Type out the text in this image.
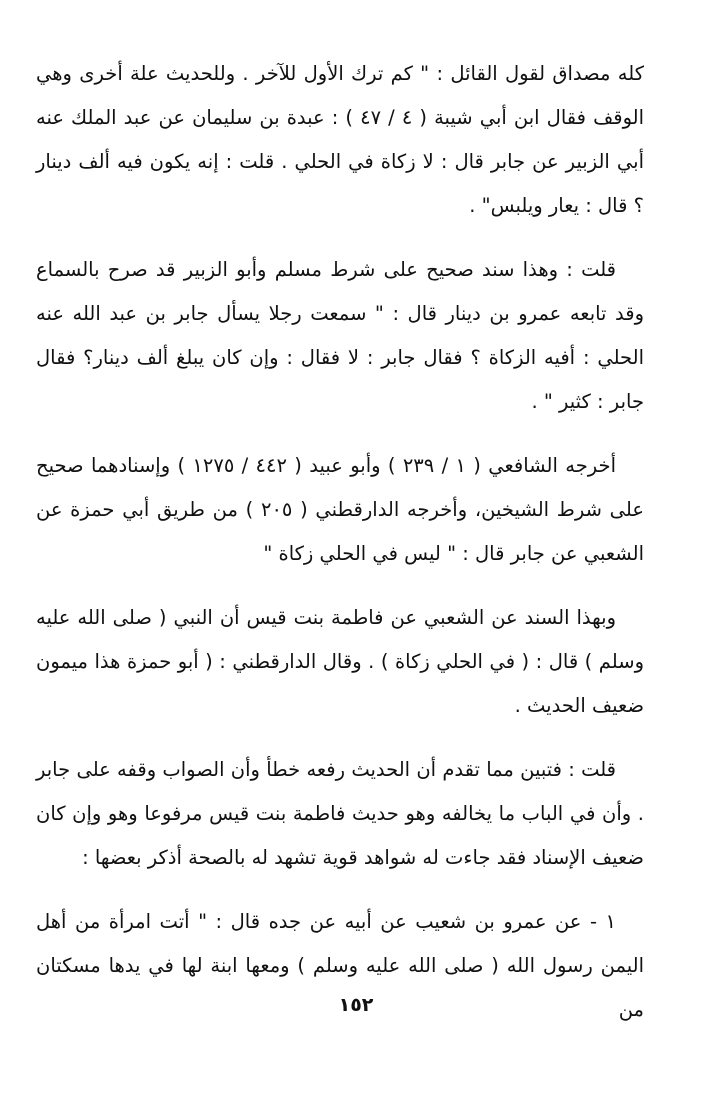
كله مصداق لقول القائل : " كم ترك الأول للآخر . وللحديث علة أخرى وهي الوقف فقال ابن أبي شيبة ( ٤ / ٤٧ ) : عبدة بن سليمان عن عبد الملك عنه أبي الزبير عن جابر قال : لا زكاة في الحلي . قلت : إنه يكون فيه ألف دينار ؟ قال : يعار ويلبس" .

قلت : وهذا سند صحيح على شرط مسلم وأبو الزبير قد صرح بالسماع وقد تابعه عمرو بن دينار قال : " سمعت رجلا يسأل جابر بن عبد الله عنه الحلي : أفيه الزكاة ؟ فقال جابر : لا فقال : وإن كان يبلغ ألف دينار؟ فقال جابر : كثير " .

أخرجه الشافعي ( ١ / ٢٣٩ ) وأبو عبيد ( ٤٤٢ / ١٢٧٥ ) وإسنادهما صحيح على شرط الشيخين، وأخرجه الدارقطني ( ٢٠٥ ) من طريق أبي حمزة عن الشعبي عن جابر قال : " ليس في الحلي زكاة "

وبهذا السند عن الشعبي عن فاطمة بنت قيس أن النبي ( صلى الله عليه وسلم ) قال : ( في الحلي زكاة ) . وقال الدارقطني : ( أبو حمزة هذا ميمون ضعيف الحديث .

قلت : فتبين مما تقدم أن الحديث رفعه خطأ وأن الصواب وقفه على جابر . وأن في الباب ما يخالفه وهو حديث فاطمة بنت قيس مرفوعا وهو وإن كان ضعيف الإسناد فقد جاءت له شواهد قوية تشهد له بالصحة أذكر بعضها :

١ - عن عمرو بن شعيب عن أبيه عن جده قال : " أتت امرأة من أهل اليمن رسول الله ( صلى الله عليه وسلم ) ومعها ابنة لها في يدها مسكتان من

١٥٢
